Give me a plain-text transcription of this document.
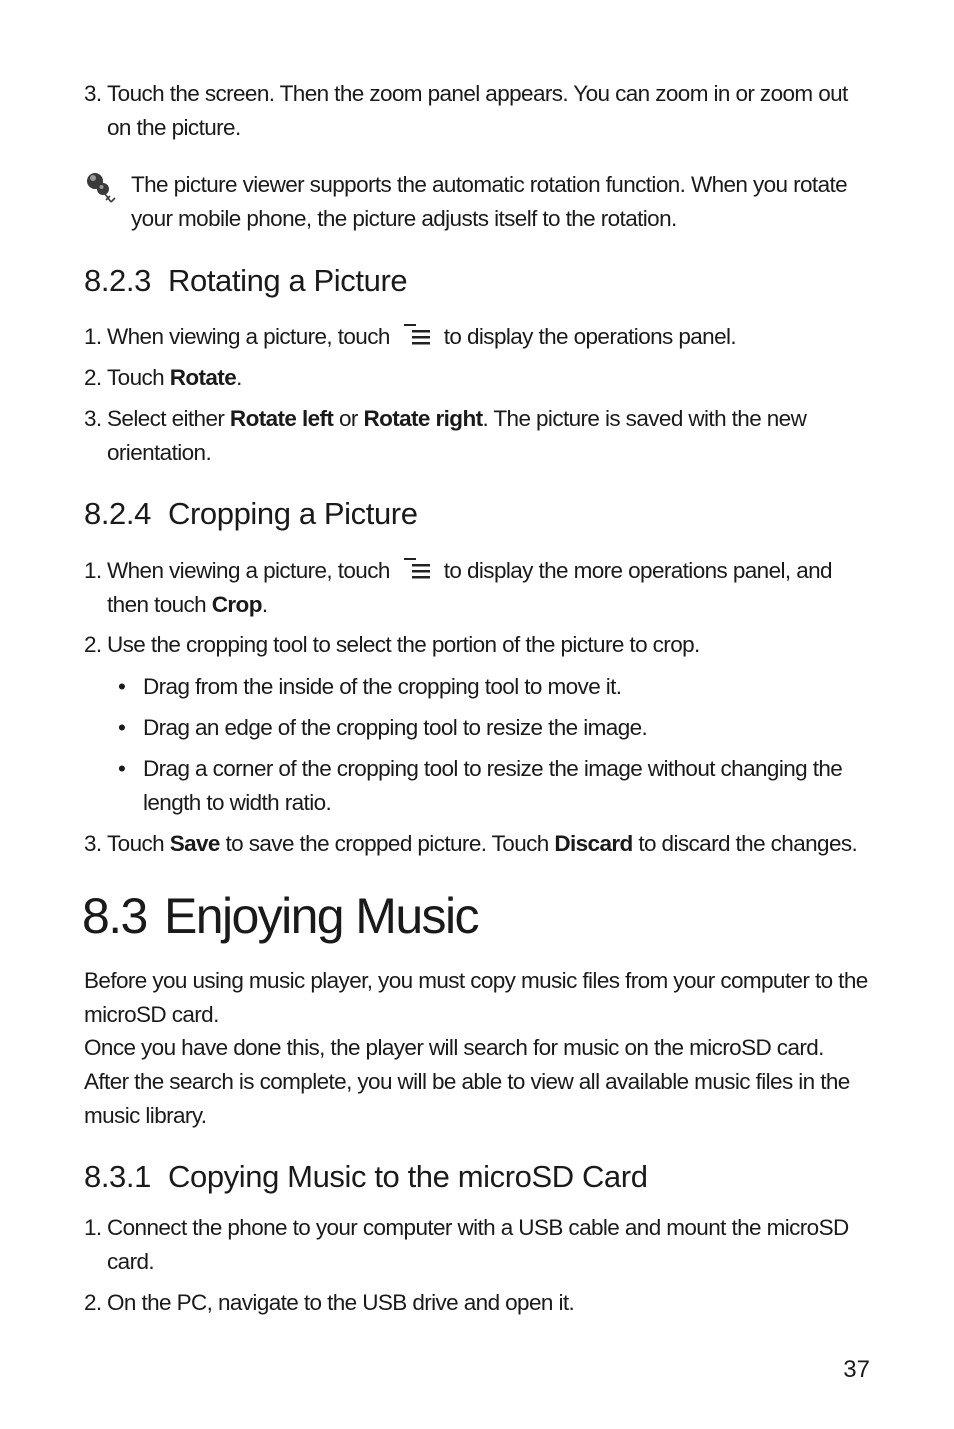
3. Touch the screen. Then the zoom panel appears. You can zoom in or zoom out on the picture.
The picture viewer supports the automatic rotation function. When you rotate your mobile phone, the picture adjusts itself to the rotation.
8.2.3 Rotating a Picture
1. When viewing a picture, touch to display the operations panel.
2. Touch Rotate.
3. Select either Rotate left or Rotate right. The picture is saved with the new orientation.
8.2.4 Cropping a Picture
1. When viewing a picture, touch to display the more operations panel, and then touch Crop.
2. Use the cropping tool to select the portion of the picture to crop.
• Drag from the inside of the cropping tool to move it.
• Drag an edge of the cropping tool to resize the image.
• Drag a corner of the cropping tool to resize the image without changing the length to width ratio.
3. Touch Save to save the cropped picture. Touch Discard to discard the changes.
8.3 Enjoying Music

Before you using music player, you must copy music files from your computer to the microSD card.

Once you have done this, the player will search for music on the microSD card. After the search is complete, you will be able to view all available music files in the music library.

8.3.1 Copying Music to the microSD Card
1. Connect the phone to your computer with a USB cable and mount the microSD card.
2. On the PC, navigate to the USB drive and open it.
37
